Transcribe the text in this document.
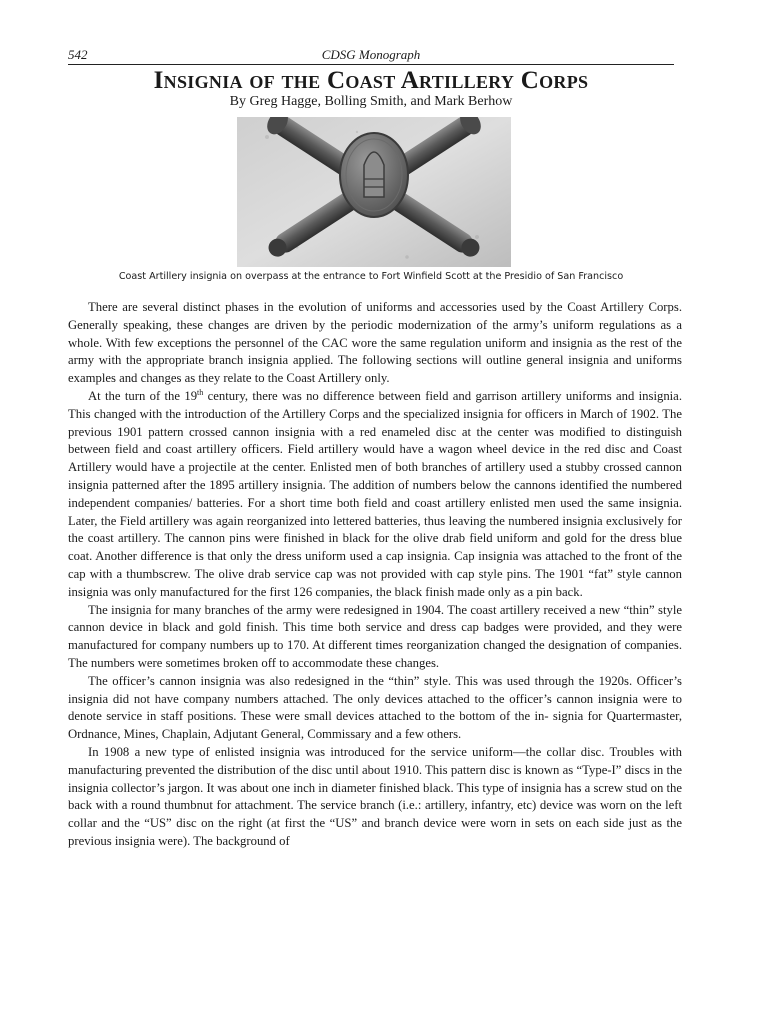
542	CDSG Monograph
Insignia of the Coast Artillery Corps
By Greg Hagge, Bolling Smith, and Mark Berhow
Coast Artillery insignia on overpass at the entrance to Fort Winfield Scott at the Presidio of San Francisco

There are several distinct phases in the evolution of uniforms and accessories used by the Coast Artillery Corps. Generally speaking, these changes are driven by the periodic modernization of the army’s uniform regulations as a whole. With few exceptions the personnel of the CAC wore the same regulation uniform and insignia as the rest of the army with the appropriate branch insignia applied. The following sections will outline general insignia and uniforms examples and changes as they relate to the Coast Artillery only.

At the turn of the 19th century, there was no difference between field and garrison artillery uniforms and insignia. This changed with the introduction of the Artillery Corps and the specialized insignia for officers in March of 1902. The previous 1901 pattern crossed cannon insignia with a red enameled disc at the center was modified to distinguish between field and coast artillery officers. Field artillery would have a wagon wheel device in the red disc and Coast Artillery would have a projectile at the center. Enlisted men of both branches of artillery used a stubby crossed cannon insignia patterned after the 1895 artillery insignia. The addition of numbers below the cannons identified the numbered independent companies/ batteries. For a short time both field and coast artillery enlisted men used the same insignia. Later, the Field artillery was again reorganized into lettered batteries, thus leaving the numbered insignia exclusively for the coast artillery. The cannon pins were finished in black for the olive drab field uniform and gold for the dress blue coat. Another difference is that only the dress uniform used a cap insignia. Cap insignia was attached to the front of the cap with a thumbscrew. The olive drab service cap was not provided with cap style pins. The 1901 “fat” style cannon insignia was only manufactured for the first 126 companies, the black finish made only as a pin back.

The insignia for many branches of the army were redesigned in 1904. The coast artillery received a new “thin” style cannon device in black and gold finish. This time both service and dress cap badges were provided, and they were manufactured for company numbers up to 170. At different times reorganization changed the designation of companies. The numbers were sometimes broken off to accommodate these changes.

The officer’s cannon insignia was also redesigned in the “thin” style. This was used through the 1920s. Officer’s insignia did not have company numbers attached. The only devices attached to the officer’s cannon insignia were to denote service in staff positions. These were small devices attached to the bottom of the in- signia for Quartermaster, Ordnance, Mines, Chaplain, Adjutant General, Commissary and a few others.

In 1908 a new type of enlisted insignia was introduced for the service uniform—the collar disc. Troubles with manufacturing prevented the distribution of the disc until about 1910. This pattern disc is known as “Type-I” discs in the insignia collector’s jargon. It was about one inch in diameter finished black. This type of insignia has a screw stud on the back with a round thumbnut for attachment. The service branch (i.e.: artillery, infantry, etc) device was worn on the left collar and the “US” disc on the right (at first the “US” and branch device were worn in sets on each side just as the previous insignia were). The background of
